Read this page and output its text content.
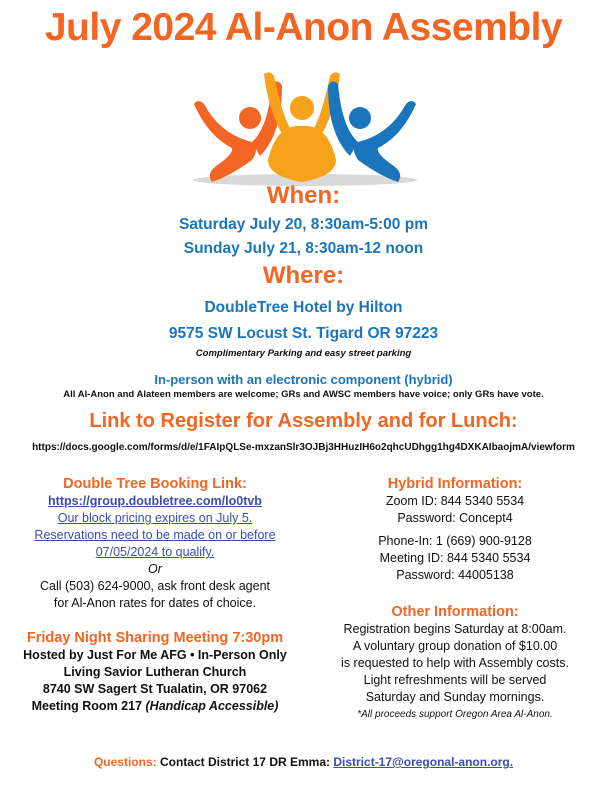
July 2024 Al-Anon Assembly
When:
Saturday July 20, 8:30am-5:00 pm
Sunday July 21, 8:30am-12 noon
Where:
DoubleTree Hotel by Hilton
9575 SW Locust St. Tigard OR 97223
Complimentary Parking and easy street parking
In-person with an electronic component (hybrid)
All Al-Anon and Alateen members are welcome; GRs and AWSC members have voice; only GRs have vote.
Link to Register for Assembly and for Lunch:
https://docs.google.com/forms/d/e/1FAIpQLSe-mxzanSlr3OJBj3HHuzIH6o2qhcUDhgg1hg4DXKAIbaojmA/viewform
Double Tree Booking Link:
https://group.doubletree.com/lo0tvb
Our block pricing expires on July 5.
Reservations need to be made on or before
07/05/2024 to qualify.
Or
Call (503) 624-9000, ask front desk agent
for Al-Anon rates for dates of choice.
Friday Night Sharing Meeting 7:30pm
Hosted by Just For Me AFG • In-Person Only
Living Savior Lutheran Church
8740 SW Sagert St Tualatin, OR 97062
Meeting Room 217 (Handicap Accessible)
Hybrid Information:
Zoom ID: 844 5340 5534
Password: Concept4
Phone-In: 1 (669) 900-9128
Meeting ID: 844 5340 5534
Password: 44005138
Other Information:
Registration begins Saturday at 8:00am.
A voluntary group donation of $10.00
is requested to help with Assembly costs.
Light refreshments will be served
Saturday and Sunday mornings.
*All proceeds support Oregon Area Al-Anon.
Questions: Contact District 17 DR Emma: District-17@oregonal-anon.org.
